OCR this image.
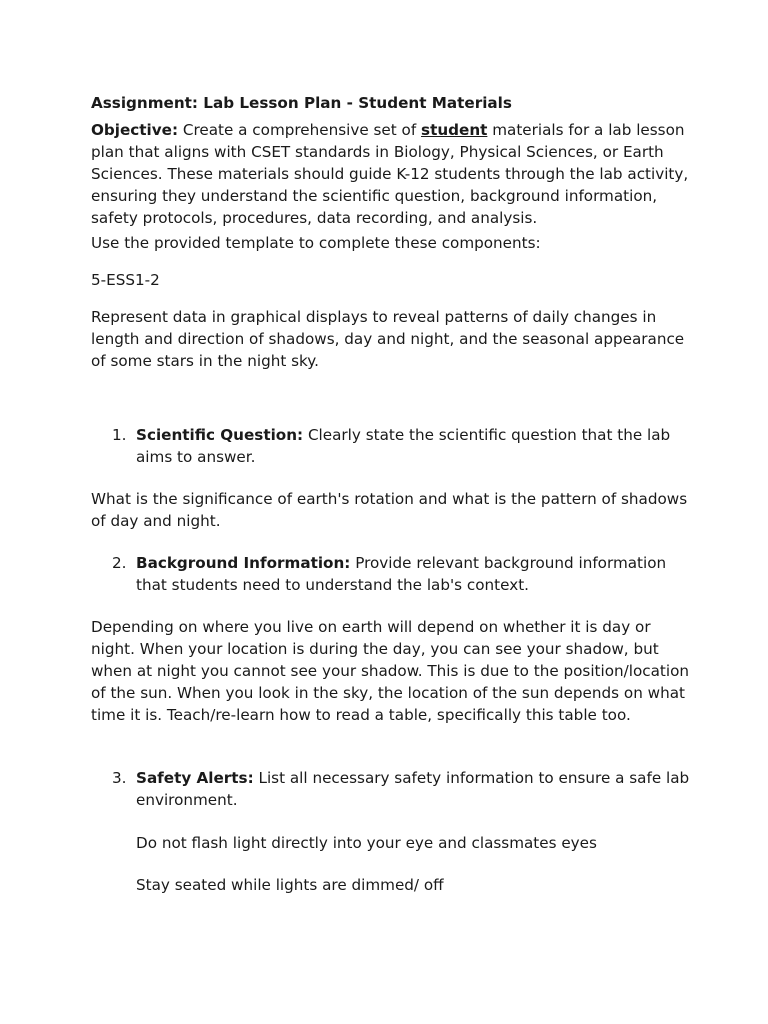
Assignment: Lab Lesson Plan - Student Materials

Objective: Create a comprehensive set of student materials for a lab lesson plan that aligns with CSET standards in Biology, Physical Sciences, or Earth Sciences. These materials should guide K-12 students through the lab activity, ensuring they understand the scientific question, background information, safety protocols, procedures, data recording, and analysis.

Use the provided template to complete these components:

5-ESS1-2

Represent data in graphical displays to reveal patterns of daily changes in length and direction of shadows, day and night, and the seasonal appearance of some stars in the night sky.

1. Scientific Question: Clearly state the scientific question that the lab aims to answer.

What is the significance of earth's rotation and what is the pattern of shadows of day and night.

2. Background Information: Provide relevant background information that students need to understand the lab's context.

Depending on where you live on earth will depend on whether it is day or night. When your location is during the day, you can see your shadow, but when at night you cannot see your shadow. This is due to the position/location of the sun. When you look in the sky, the location of the sun depends on what time it is. Teach/re-learn how to read a table, specifically this table too.

3. Safety Alerts: List all necessary safety information to ensure a safe lab environment.

Do not flash light directly into your eye and classmates eyes

Stay seated while lights are dimmed/ off
